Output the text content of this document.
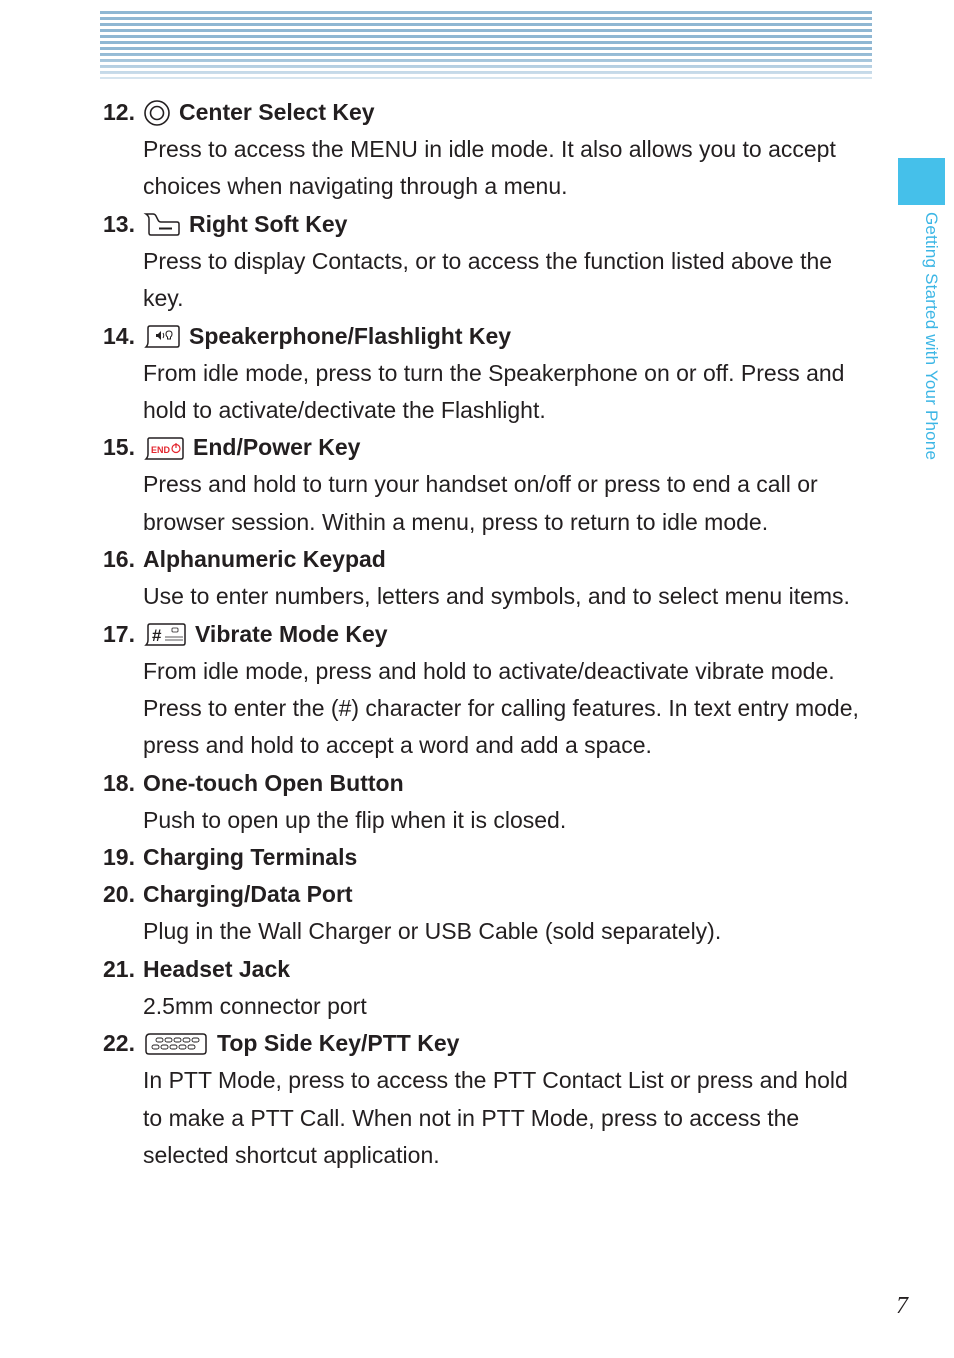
Getting Started with Your Phone
12.	Center Select Key
Press to access the MENU in idle mode. It also allows you to accept choices when navigating through a menu.
13.	Right Soft Key
Press to display Contacts, or to access the function listed above the key.
14.	Speakerphone/Flashlight Key
From idle mode, press to turn the Speakerphone on or off. Press and hold to activate/dectivate the Flashlight.
15.	END End/Power Key
Press and hold to turn your handset on/off or press to end a call or browser session. Within a menu, press to return to idle mode.
16. Alphanumeric Keypad
Use to enter numbers, letters and symbols, and to select menu items.
17.	# Vibrate Mode Key
From idle mode, press and hold to activate/deactivate vibrate mode. Press to enter the (#) character for calling features. In text entry mode, press and hold to accept a word and add a space.
18. One-touch Open Button
Push to open up the flip when it is closed.
19. Charging Terminals
20. Charging/Data Port
Plug in the Wall Charger or USB Cable (sold separately).
21. Headset Jack
2.5mm connector port
22.	Top Side Key/PTT Key
In PTT Mode, press to access the PTT Contact List or press and hold to make a PTT Call. When not in PTT Mode, press to access the selected shortcut application.
7
